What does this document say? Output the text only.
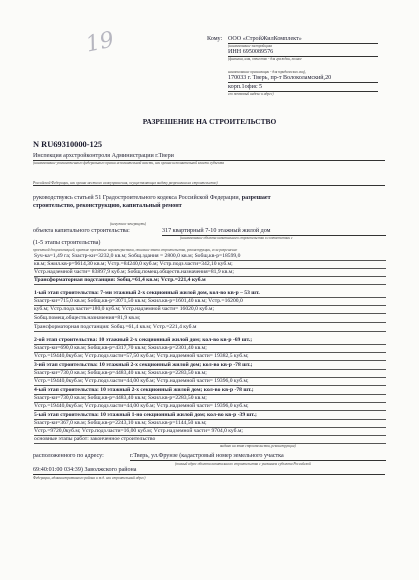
19	Кому: ООО «СтройЖилКомплект»
(наименование застройщика
ИНН 6950089576
(фамилия, имя, отчество - для граждан, полное
наименование организации - для юридических лиц),
170033 г. Тверь, пр-т Волоколамский,20
корп.1офис 5
его почтовый индекс и адрес)
РАЗРЕШЕНИЕ НА СТРОИТЕЛЬСТВО
N RU69310000-125
Инспекция архстройконтроля Администрации г.Твери
(наименование уполномоченного федерального органа исполнительной власти, или органа исполнительной власти субъекта
Российской Федерации, или органа местного самоуправления, осуществляющих выдачу разрешения на строительство)
руководствуясь статьей 51 Градостроительного кодекса Российской Федерации, разрешает
строительство, реконструкцию, капитальный ремонт
(ненужное зачеркнуть)
объекта капитального строительства:	317 квартирный 7-10 этажный жилой дом
(наименование объекта капитального строительства в соответствии с
(1-5 этапы строительства)
проектной документацией, краткие проектные характеристики, описание этапа строительства, реконструкции, если разрешение
Sуч-ка=1,49 га; Sзастр-ки=3232,0 кв.м; Sобщ.здания = 2800,0 кв.м; Sобщ.кв-р=18599,0
кв.м; Sжил.кв-р=9614,30 кв.м; Vстр.=84240,0 куб.м; Vстр.подз.части=342,10 куб.м;
Vстр.надземной части= 83897,9 куб.м; Sобщ.помещ.обществ.назначения=81,9 кв.м;
Трансформаторная подстанция: Sобщ.=61,4 кв.м; Vстр.=221,4 куб.м
1-ый этап строительства: 7-ми этажный 2-х секционный жилой дом, кол-во кв-р – 53 шт.
Sзастр-ки=715,0 кв.м; Sобщ.кв-р=3071,50 кв.м; Sжил.кв-р=1601,40 кв.м; Vстр.=16200,0
куб.м; Vстр.подз.части=180,0 куб.м; Vстр.надземной части= 16020,0 куб.м;
Sобщ.помещ.обществ.назначения=81,9 кв.м;
Трансформаторная подстанция: Sобщ.=61,4 кв.м; Vстр.=221,4 куб.м
2-ой этап строительства: 10 этажный 2-х секционный жилой дом; кол-во кв-р -69 шт.;
Sзастр-ки=690,0 кв.м; Sобщ.кв-р=4317,70 кв.м; Sжил.кв-р=2301,40 кв.м;
Vстр.=19440,0куб.м; Vстр.подз.части=57,50 куб.м; Vстр.надземной части= 19382,5 куб.м;
3-ий этап строительства: 10 этажный 2-х секционный жилой дом; кол-во кв-р -78 шт.;
Sзастр-ки=730,0 кв.м; Sобщ.кв-р=4483,40 кв.м; Sжил.кв-р=2283,50 кв.м;
Vстр.=19440,0куб.м; Vстр.подз.части=44,00 куб.м; Vстр.надземной части= 19396,0 куб.м;
4-ый этап строительства: 10 этажный 2-х секционный жилой дом; кол-во кв-р -78 шт.;
Sзастр-ки=730,0 кв.м; Sобщ.кв-р=4483,40 кв.м; Sжил.кв-р=2283,50 кв.м;
Vстр.=19440,0куб.м; Vстр.подз.части=44,00 куб.м; Vстр.надземной части= 19396,0 куб.м;
5-ый этап строительства: 10 этажный 1-но секционный жилой дом; кол-во кв-р -39 шт.;
Sзастр-ки=367,0 кв.м; Sобщ.кв-р=2243,10 кв.м; Sжил.кв-р=1144,50 кв.м;
Vстр.=9720,0куб.м; Vстр.подз.части=16,00 куб.м; Vстр.надземной части= 9704,0 куб.м;
основные этапы работ: законченное строительство
выдано на этап строительства, реконструкции)
расположенного по адресу:	г.Тверь, ул.Фрунзе (кадастровый номер земельного участка
(полный адрес объекта капитального строительства с указанием субъекта Российской
69:40:01:00 034:39) Заволжского района
Федерации, административного района и т.д. или строительный адрес)
